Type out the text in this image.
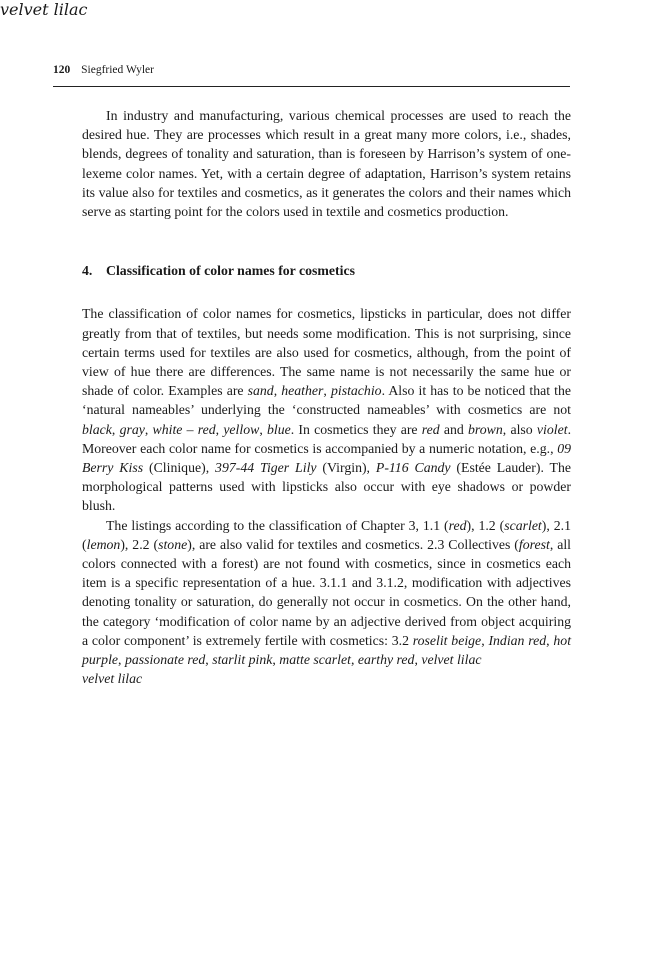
120 Siegfried Wyler

In industry and manufacturing, various chemical processes are used to reach the desired hue. They are processes which result in a great many more colors, i.e., shades, blends, degrees of tonality and saturation, than is foreseen by Harrison’s system of one-lexeme color names. Yet, with a certain degree of adaptation, Harrison’s system retains its value also for textiles and cosmetics, as it generates the colors and their names which serve as starting point for the colors used in textile and cosmetics production.

4. Classification of color names for cosmetics

The classification of color names for cosmetics, lipsticks in particular, does not differ greatly from that of textiles, but needs some modification. This is not surprising, since certain terms used for textiles are also used for cosmetics, although, from the point of view of hue there are differences. The same name is not necessarily the same hue or shade of color. Examples are sand, heather, pistachio. Also it has to be noticed that the ‘natural nameables’ underlying the ‘constructed nameables’ with cosmetics are not black, gray, white – red, yellow, blue. In cosmetics they are red and brown, also violet. Moreover each color name for cosmetics is accompanied by a numeric notation, e.g., 09 Berry Kiss (Clinique), 397-44 Tiger Lily (Virgin), P-116 Candy (Estée Lauder). The morphological patterns used with lipsticks also occur with eye shadows or powder blush.

The listings according to the classification of Chapter 3, 1.1 (red), 1.2 (scarlet), 2.1 (lemon), 2.2 (stone), are also valid for textiles and cosmetics. 2.3 Collectives (forest, all colors connected with a forest) are not found with cosmetics, since in cosmetics each item is a specific representation of a hue. 3.1.1 and 3.1.2, modification with adjectives denoting tonality or saturation, do generally not occur in cosmetics. On the other hand, the category ‘modification of color name by an adjective derived from object acquiring a color component’ is extremely fertile with cosmetics: 3.2 roselit beige, Indian red, hot purple, passionate red, starlit pink, matte scarlet, earthy red, velvet lilac

velvet lilac
velvet lilac
